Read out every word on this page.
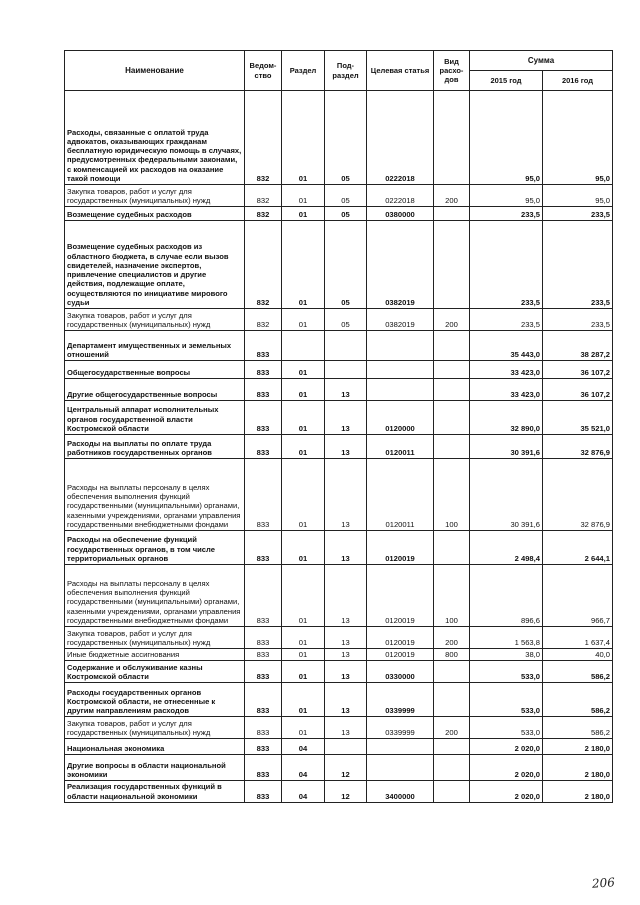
Наименование	Ведом-ство	Раздел	Под-раздел	Целевая статья	Вид расхо-дов	Сумма	
						2015 год	2016 год
Расходы, связанные с оплатой труда адвокатов, оказывающих гражданам бесплатную юридическую помощь в случаях, предусмотренных федеральными законами, с компенсацией их расходов на оказание такой помощи	832	01	05	0222018		95,0	95,0
Закупка товаров, работ и услуг для государственных (муниципальных) нужд	832	01	05	0222018	200	95,0	95,0
Возмещение судебных расходов	832	01	05	0380000		233,5	233,5
Возмещение судебных расходов из областного бюджета, в случае если вызов свидетелей, назначение экспертов, привлечение специалистов и другие действия, подлежащие оплате, осуществляются по инициативе мирового судьи	832	01	05	0382019		233,5	233,5
Закупка товаров, работ и услуг для государственных (муниципальных) нужд	832	01	05	0382019	200	233,5	233,5
Департамент имущественных и земельных отношений	833					35 443,0	38 287,2
Общегосударственные вопросы	833	01				33 423,0	36 107,2
Другие общегосударственные вопросы	833	01	13			33 423,0	36 107,2
Центральный аппарат исполнительных органов государственной власти Костромской области	833	01	13	0120000		32 890,0	35 521,0
Расходы на выплаты по оплате труда работников государственных органов	833	01	13	0120011		30 391,6	32 876,9
Расходы на выплаты персоналу в целях обеспечения выполнения функций государственными (муниципальными) органами, казенными учреждениями, органами управления государственными внебюджетными фондами	833	01	13	0120011	100	30 391,6	32 876,9
Расходы на обеспечение функций государственных органов, в том числе территориальных органов	833	01	13	0120019		2 498,4	2 644,1
Расходы на выплаты персоналу в целях обеспечения выполнения функций государственными (муниципальными) органами, казенными учреждениями, органами управления государственными внебюджетными фондами	833	01	13	0120019	100	896,6	966,7
Закупка товаров, работ и услуг для государственных (муниципальных) нужд	833	01	13	0120019	200	1 563,8	1 637,4
Иные бюджетные ассигнования	833	01	13	0120019	800	38,0	40,0
Содержание и обслуживание казны Костромской области	833	01	13	0330000		533,0	586,2
Расходы государственных органов Костромской области, не отнесенные к другим направлениям расходов	833	01	13	0339999		533,0	586,2
Закупка товаров, работ и услуг для государственных (муниципальных) нужд	833	01	13	0339999	200	533,0	586,2
Национальная экономика	833	04				2 020,0	2 180,0
Другие вопросы в области национальной экономики	833	04	12			2 020,0	2 180,0
Реализация государственных функций в области национальной экономики	833	04	12	3400000		2 020,0	2 180,0
206
